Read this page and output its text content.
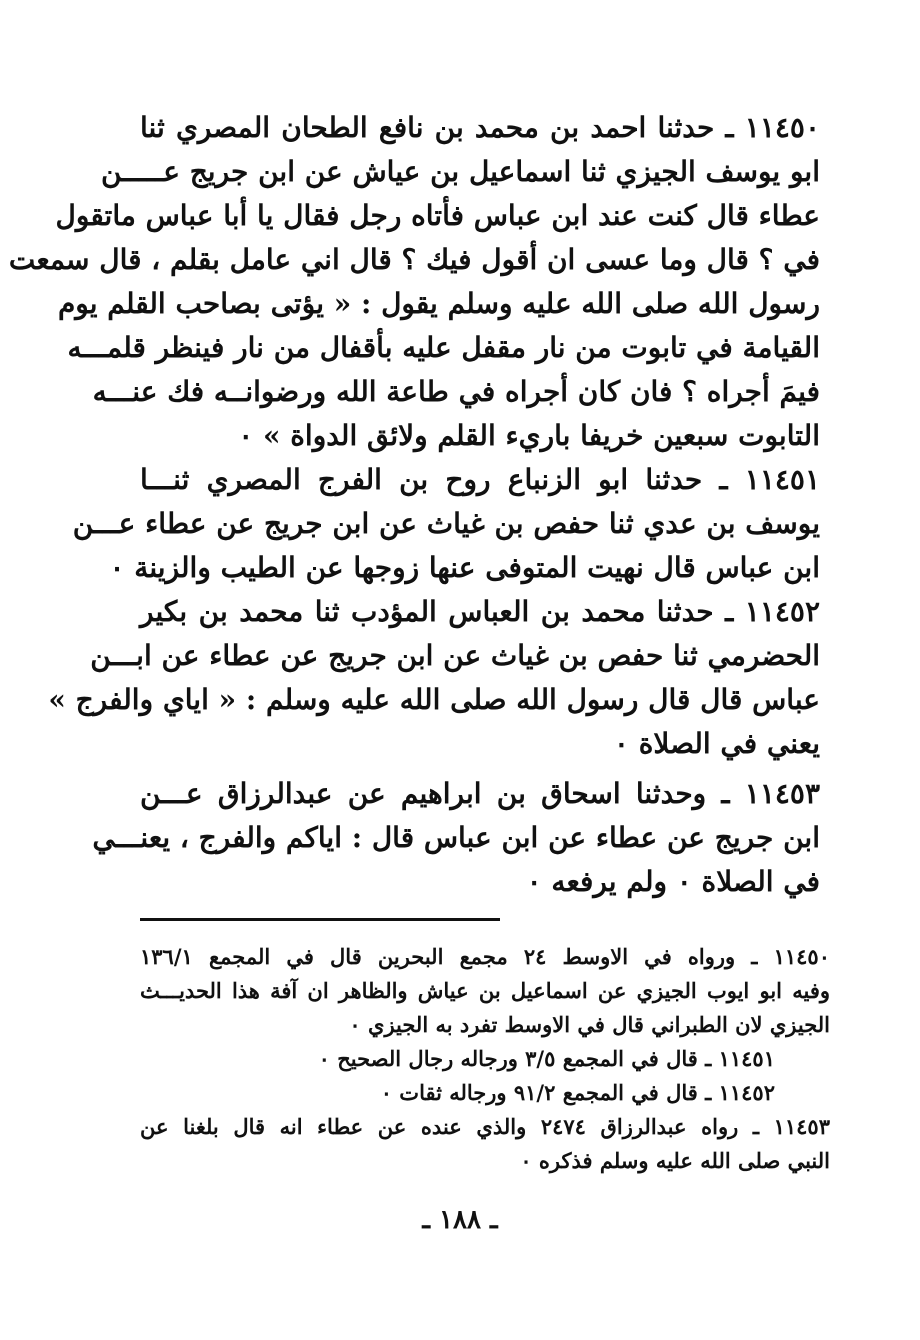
١١٤٥٠ ـ حدثنا احمد بن محمد بن نافع الطحان المصري ثنا
ابو يوسف الجيزي ثنا اسماعيل بن عياش عن ابن جريج عـــــن
عطاء قال كنت عند ابن عباس فأتاه رجل فقال يا أبا عباس ماتقول
في ؟ قال وما عسى ان أقول فيك ؟ قال اني عامل بقلم ، قال سمعت
رسول الله صلى الله عليه وسلم يقول : « يؤتى بصاحب القلم يوم
القيامة في تابوت من نار مقفل عليه بأقفال من نار فينظر قلمـــه
فيمَ أجراه ؟ فان كان أجراه في طاعة الله ورضوانــه فك عنـــه
التابوت سبعين خريفا باريء القلم ولائق الدواة » ٠
١١٤٥١ ـ حدثنا ابو الزنباع روح بن الفرج المصري ثنـــا
يوسف بن عدي ثنا حفص بن غياث عن ابن جريج عن عطاء عـــن
ابن عباس قال نهيت المتوفى عنها زوجها عن الطيب والزينة ٠
١١٤٥٢ ـ حدثنا محمد بن العباس المؤدب ثنا محمد بن بكير
الحضرمي ثنا حفص بن غياث عن ابن جريج عن عطاء عن ابـــن
عباس قال قال رسول الله صلى الله عليه وسلم : « اياي والفرج »
يعني في الصلاة ٠
١١٤٥٣ ـ وحدثنا اسحاق بن ابراهيم عن عبدالرزاق عـــن
ابن جريج عن عطاء عن ابن عباس قال : اياكم والفرج ، يعنـــي
في الصلاة ٠ ولم يرفعه ٠
١١٤٥٠ ـ ورواه في الاوسط ٢٤ مجمع البحرين قال في المجمع ١٣٦/١
وفيه ابو ايوب الجيزي عن اسماعيل بن عياش والظاهر ان آفة هذا الحديـــث
الجيزي لان الطبراني قال في الاوسط تفرد به الجيزي ٠
١١٤٥١ ـ قال في المجمع ٣/٥ ورجاله رجال الصحيح ٠
١١٤٥٢ ـ قال في المجمع ٩١/٢ ورجاله ثقات ٠
١١٤٥٣ ـ رواه عبدالرزاق ٢٤٧٤ والذي عنده عن عطاء انه قال بلغنا عن
النبي صلى الله عليه وسلم فذكره ٠
ـ ١٨٨ ـ
